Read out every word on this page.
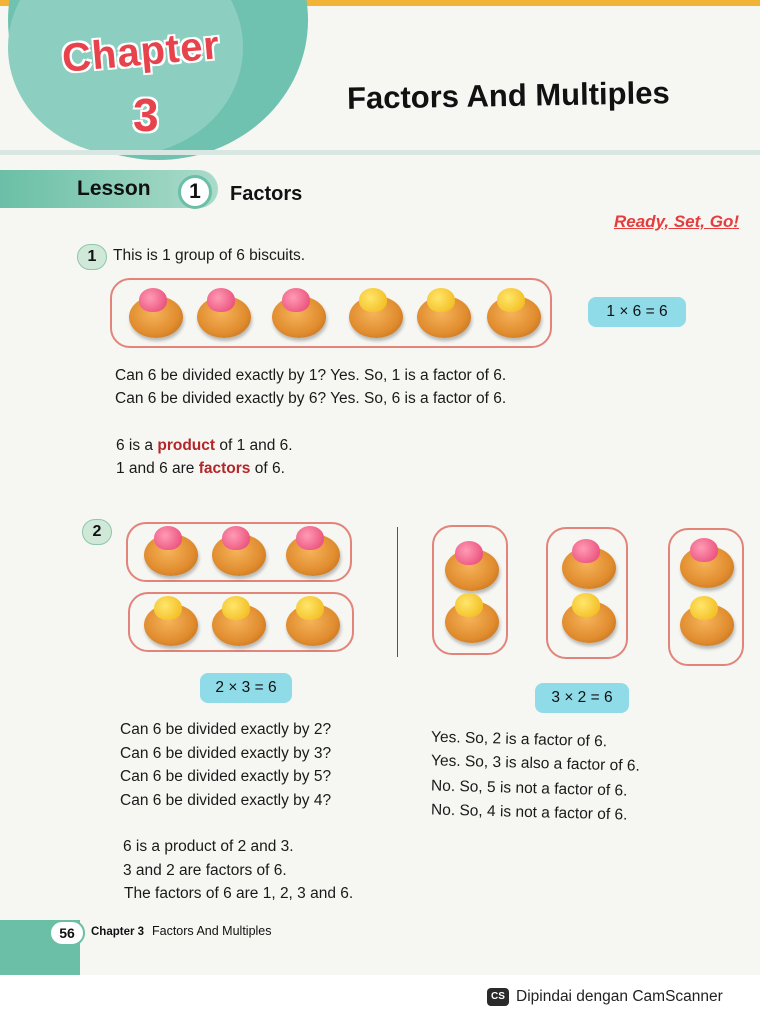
Chapter
3	Factors And Multiples
Lesson	1	Factors
Ready, Set, Go!
1	This is 1 group of 6 biscuits.
1 × 6 = 6
Can 6 be divided exactly by 1? Yes. So, 1 is a factor of 6.
Can 6 be divided exactly by 6? Yes. So, 6 is a factor of 6.
6 is a product of 1 and 6.
1 and 6 are factors of 6.
2
2 × 3 = 6
3 × 2 = 6
Can 6 be divided exactly by 2?
Can 6 be divided exactly by 3?
Can 6 be divided exactly by 5?
Can 6 be divided exactly by 4?
Yes. So, 2 is a factor of 6.
Yes. So, 3 is also a factor of 6.
No. So, 5 is not a factor of 6.
No. So, 4 is not a factor of 6.
6 is a product of 2 and 3.
3 and 2 are factors of 6.
The factors of 6 are 1, 2, 3 and 6.
56	Chapter 3 Factors And Multiples
CS Dipindai dengan CamScanner
